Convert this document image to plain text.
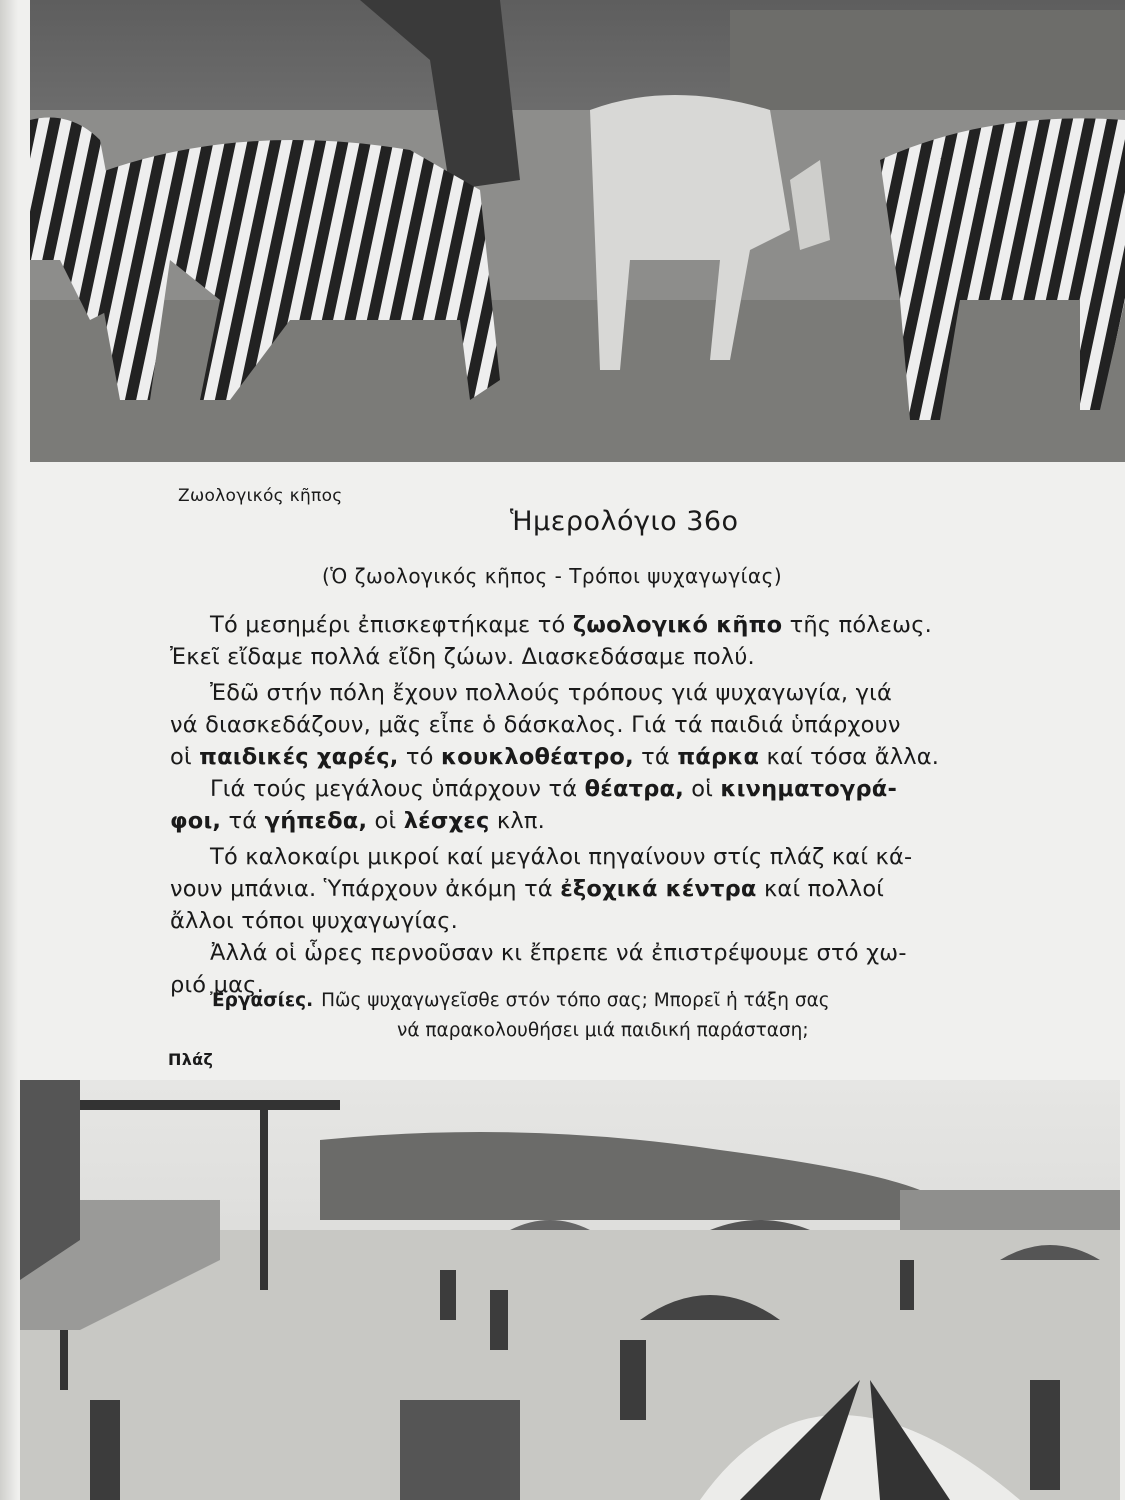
Ζωολογικός κῆπος
Ἡμερολόγιο 36ο
(Ὁ ζωολογικός κῆπος - Τρόποι ψυχαγωγίας)
Τό μεσημέρι ἐπισκεφτήκαμε τό ζωολογικό κῆπο τῆς πόλεως.
Ἐκεῖ εἴδαμε πολλά εἴδη ζώων. Διασκεδάσαμε πολύ.
Ἐδῶ στήν πόλη ἔχουν πολλούς τρόπους γιά ψυχαγωγία, γιά
νά διασκεδάζουν, μᾶς εἶπε ὁ δάσκαλος. Γιά τά παιδιά ὑπάρχουν
οἱ παιδικές χαρές, τό κουκλοθέατρο, τά πάρκα καί τόσα ἄλλα.
Γιά τούς μεγάλους ὑπάρχουν τά θέατρα, οἱ κινηματογρά-
φοι, τά γήπεδα, οἱ λέσχες κλπ.
Τό καλοκαίρι μικροί καί μεγάλοι πηγαίνουν στίς πλάζ καί κά-
νουν μπάνια. Ὑπάρχουν ἀκόμη τά ἐξοχικά κέντρα καί πολλοί
ἄλλοι τόποι ψυχαγωγίας.
Ἀλλά οἱ ὧρες περνοῦσαν κι ἔπρεπε νά ἐπιστρέψουμε στό χω-
ριό μας.
Ἐργασίες. Πῶς ψυχαγωγεῖσθε στόν τόπο σας; Μπορεῖ ἡ τάξη σας
νά παρακολουθήσει μιά παιδική παράσταση;
Πλάζ
